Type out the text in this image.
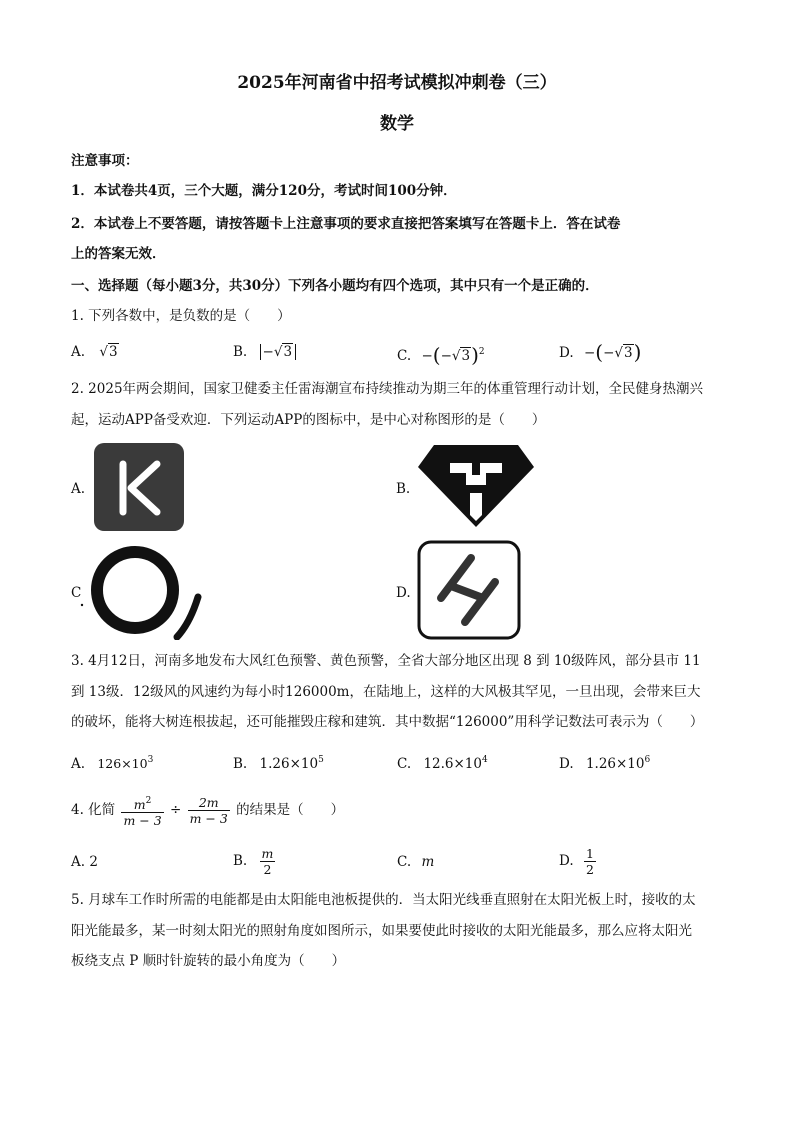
2025年河南省中招考试模拟冲刺卷（三）
数学
注意事项：
1．本试卷共4页，三个大题，满分120分，考试时间100分钟．
2．本试卷上不要答题，请按答题卡上注意事项的要求直接把答案填写在答题卡上．答在试卷
上的答案无效．
一、选择题（每小题3分，共30分）下列各小题均有四个选项，其中只有一个是正确的．
1. 下列各数中，是负数的是（　　）
A. √3	B. −√3	C. $-(-√3)^2$	D. −(−√3)
2. 2025年两会期间，国家卫健委主任雷海潮宣布持续推动为期三年的体重管理行动计划，全民健身热潮兴
起，运动APP备受欢迎．下列运动APP的图标中，是中心对称图形的是（　　）
A.	B.
C	D.
3. 4月12日，河南多地发布大风红色预警、黄色预警，全省大部分地区出现 8 到 10级阵风，部分县市 11
到 13级．12级风的风速约为每小时126000m，在陆地上，这样的大风极其罕见，一旦出现，会带来巨大
的破坏，能将大树连根拔起，还可能摧毁庄稼和建筑．其中数据“126000”用科学记数法可表示为（　　）
A. $126\times 10^3$	B. $1.26\times 10^5$	C. $12.6\times 10^4$	D. $1.26\times 10^6$
4. 化简 $\frac{m^2}{m - 3} \div \frac{2m}{m - 3}$ 的结果是（　　）
A. 2	B. $\frac{m}{2}$	C. m	D. $\frac{1}{2}$
5. 月球车工作时所需的电能都是由太阳能电池板提供的．当太阳光线垂直照射在太阳光板上时，接收的太
阳光能最多，某一时刻太阳光的照射角度如图所示，如果要使此时接收的太阳光能最多，那么应将太阳光
板绕支点 P 顺时针旋转的最小角度为（　　）
